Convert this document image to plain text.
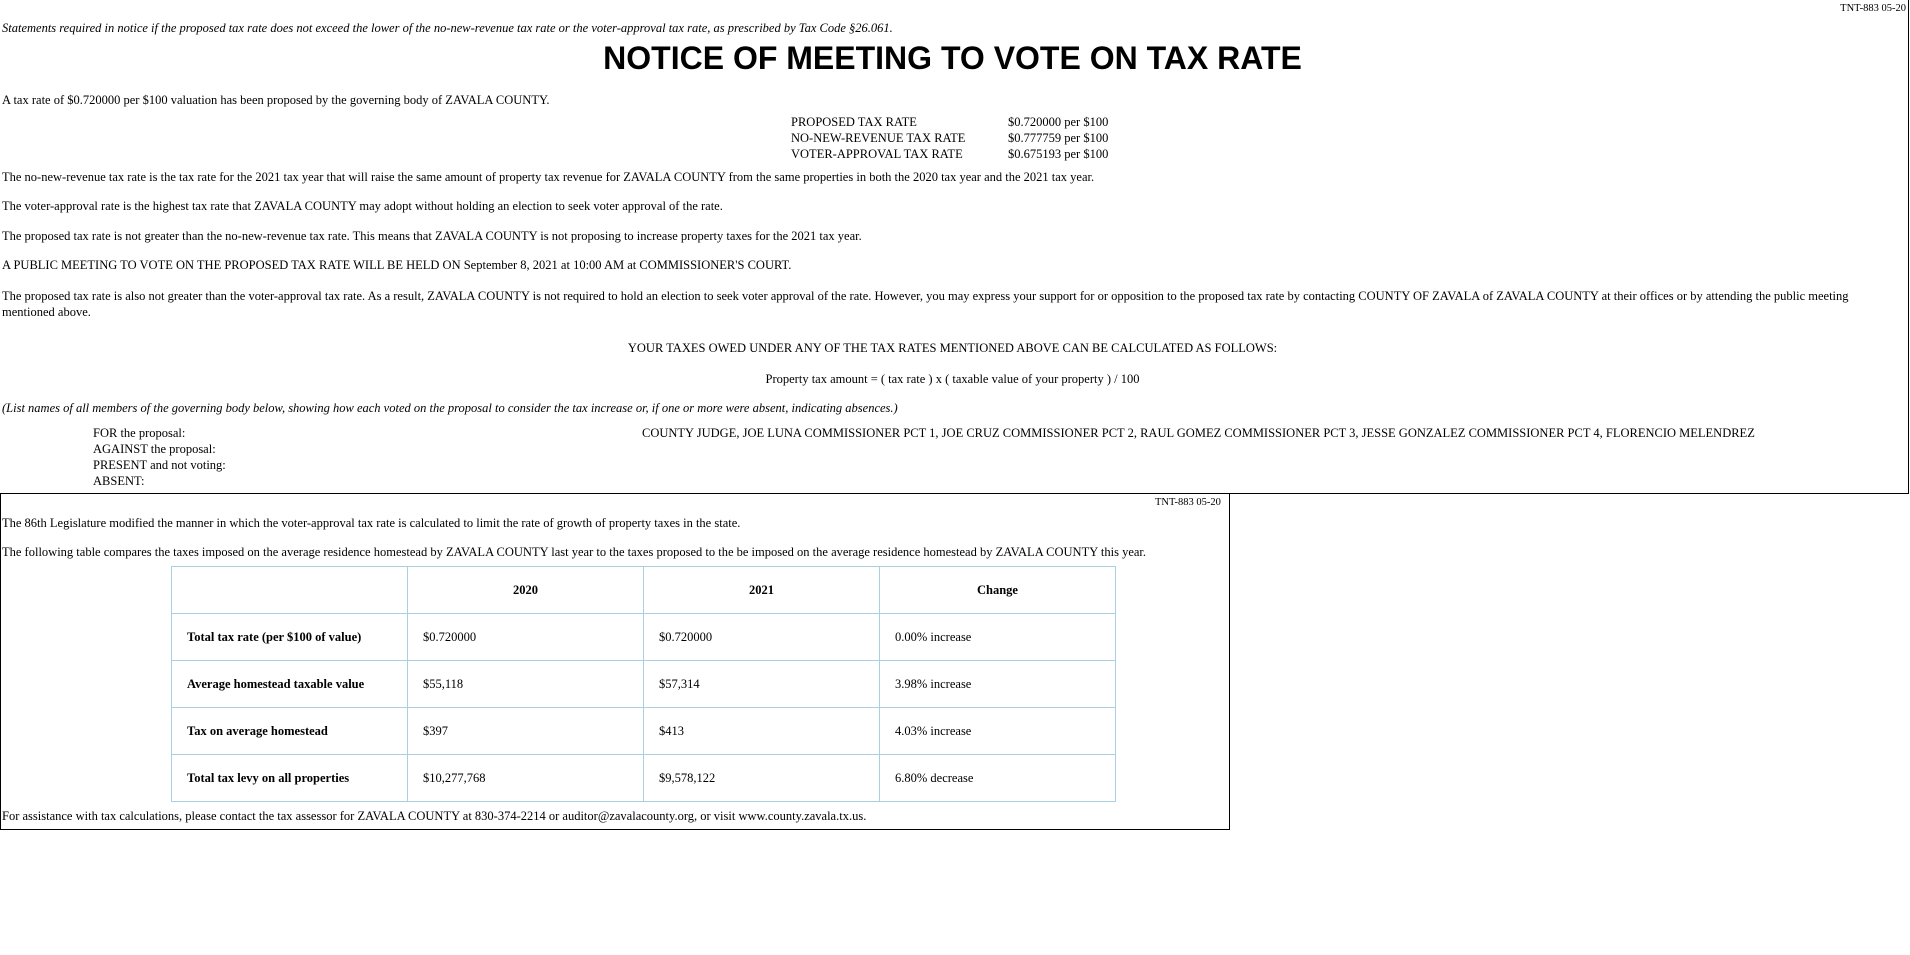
TNT-883 05-20
Statements required in notice if the proposed tax rate does not exceed the lower of the no-new-revenue tax rate or the voter-approval tax rate, as prescribed by Tax Code §26.061.
NOTICE OF MEETING TO VOTE ON TAX RATE
A tax rate of $0.720000 per $100 valuation has been proposed by the governing body of ZAVALA COUNTY.
PROPOSED TAX RATE	$0.720000 per $100
NO-NEW-REVENUE TAX RATE	$0.777759 per $100
VOTER-APPROVAL TAX RATE	$0.675193 per $100
The no-new-revenue tax rate is the tax rate for the 2021 tax year that will raise the same amount of property tax revenue for ZAVALA COUNTY from the same properties in both the 2020 tax year and the 2021 tax year.
The voter-approval rate is the highest tax rate that ZAVALA COUNTY may adopt without holding an election to seek voter approval of the rate.
The proposed tax rate is not greater than the no-new-revenue tax rate. This means that ZAVALA COUNTY is not proposing to increase property taxes for the 2021 tax year.
A PUBLIC MEETING TO VOTE ON THE PROPOSED TAX RATE WILL BE HELD ON September 8, 2021 at 10:00 AM at COMMISSIONER'S COURT.
The proposed tax rate is also not greater than the voter-approval tax rate. As a result, ZAVALA COUNTY is not required to hold an election to seek voter approval of the rate. However, you may express your support for or opposition to the proposed tax rate by contacting COUNTY OF ZAVALA of ZAVALA COUNTY at their offices or by attending the public meeting mentioned above.
YOUR TAXES OWED UNDER ANY OF THE TAX RATES MENTIONED ABOVE CAN BE CALCULATED AS FOLLOWS:
Property tax amount = ( tax rate ) x ( taxable value of your property ) / 100
(List names of all members of the governing body below, showing how each voted on the proposal to consider the tax increase or, if one or more were absent, indicating absences.)
FOR the proposal:	COUNTY JUDGE, JOE LUNA COMMISSIONER PCT 1, JOE CRUZ COMMISSIONER PCT 2, RAUL GOMEZ COMMISSIONER PCT 3, JESSE GONZALEZ COMMISSIONER PCT 4, FLORENCIO MELENDREZ
AGAINST the proposal:
PRESENT and not voting:
ABSENT:
TNT-883 05-20
The 86th Legislature modified the manner in which the voter-approval tax rate is calculated to limit the rate of growth of property taxes in the state.
The following table compares the taxes imposed on the average residence homestead by ZAVALA COUNTY last year to the taxes proposed to the be imposed on the average residence homestead by ZAVALA COUNTY this year.
	2020	2021	Change
Total tax rate (per $100 of value)	$0.720000	$0.720000	0.00% increase
Average homestead taxable value	$55,118	$57,314	3.98% increase
Tax on average homestead	$397	$413	4.03% increase
Total tax levy on all properties	$10,277,768	$9,578,122	6.80% decrease
For assistance with tax calculations, please contact the tax assessor for ZAVALA COUNTY at 830-374-2214 or auditor@zavalacounty.org, or visit www.county.zavala.tx.us.
